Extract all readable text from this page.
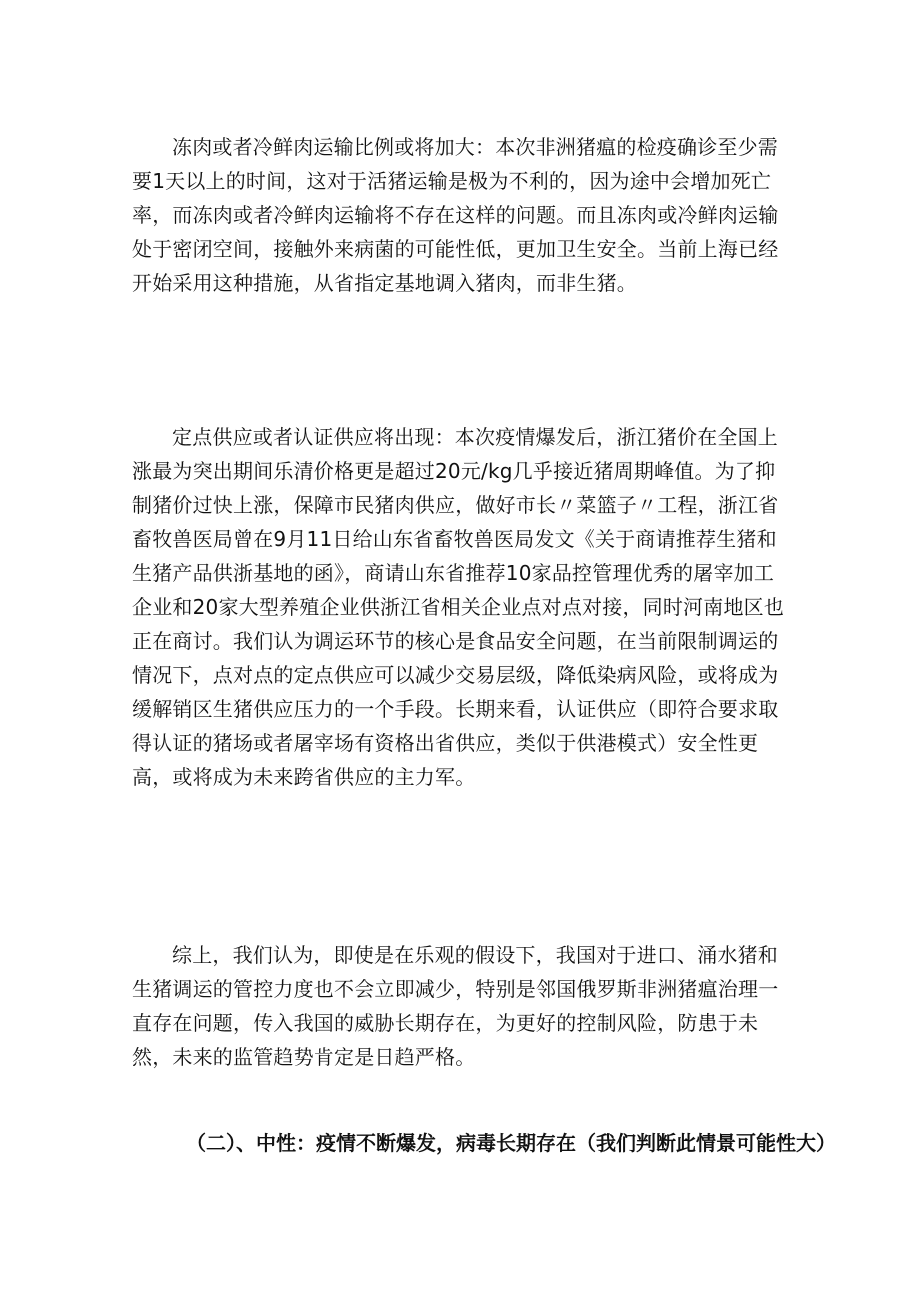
冻肉或者冷鲜肉运输比例或将加大：本次非洲猪瘟的检疫确诊至少需要1天以上的时间，这对于活猪运输是极为不利的，因为途中会增加死亡率，而冻肉或者冷鲜肉运输将不存在这样的问题。而且冻肉或冷鲜肉运输处于密闭空间，接触外来病菌的可能性低，更加卫生安全。当前上海已经开始采用这种措施，从省指定基地调入猪肉，而非生猪。

定点供应或者认证供应将出现：本次疫情爆发后，浙江猪价在全国上涨最为突出期间乐清价格更是超过20元/kg几乎接近猪周期峰值。为了抑制猪价过快上涨，保障市民猪肉供应，做好市长〃菜篮子〃工程，浙江省畜牧兽医局曾在9月11日给山东省畜牧兽医局发文《关于商请推荐生猪和生猪产品供浙基地的函》，商请山东省推荐10家品控管理优秀的屠宰加工企业和20家大型养殖企业供浙江省相关企业点对点对接，同时河南地区也正在商讨。我们认为调运环节的核心是食品安全问题，在当前限制调运的情况下，点对点的定点供应可以减少交易层级，降低染病风险，或将成为缓解销区生猪供应压力的一个手段。长期来看，认证供应（即符合要求取得认证的猪场或者屠宰场有资格出省供应，类似于供港模式）安全性更高，或将成为未来跨省供应的主力军。

综上，我们认为，即使是在乐观的假设下，我国对于进口、涌水猪和生猪调运的管控力度也不会立即减少，特别是邻国俄罗斯非洲猪瘟治理一直存在问题，传入我国的威胁长期存在，为更好的控制风险，防患于未然，未来的监管趋势肯定是日趋严格。

（二）、中性：疫情不断爆发，病毒长期存在（我们判断此情景可能性大）
